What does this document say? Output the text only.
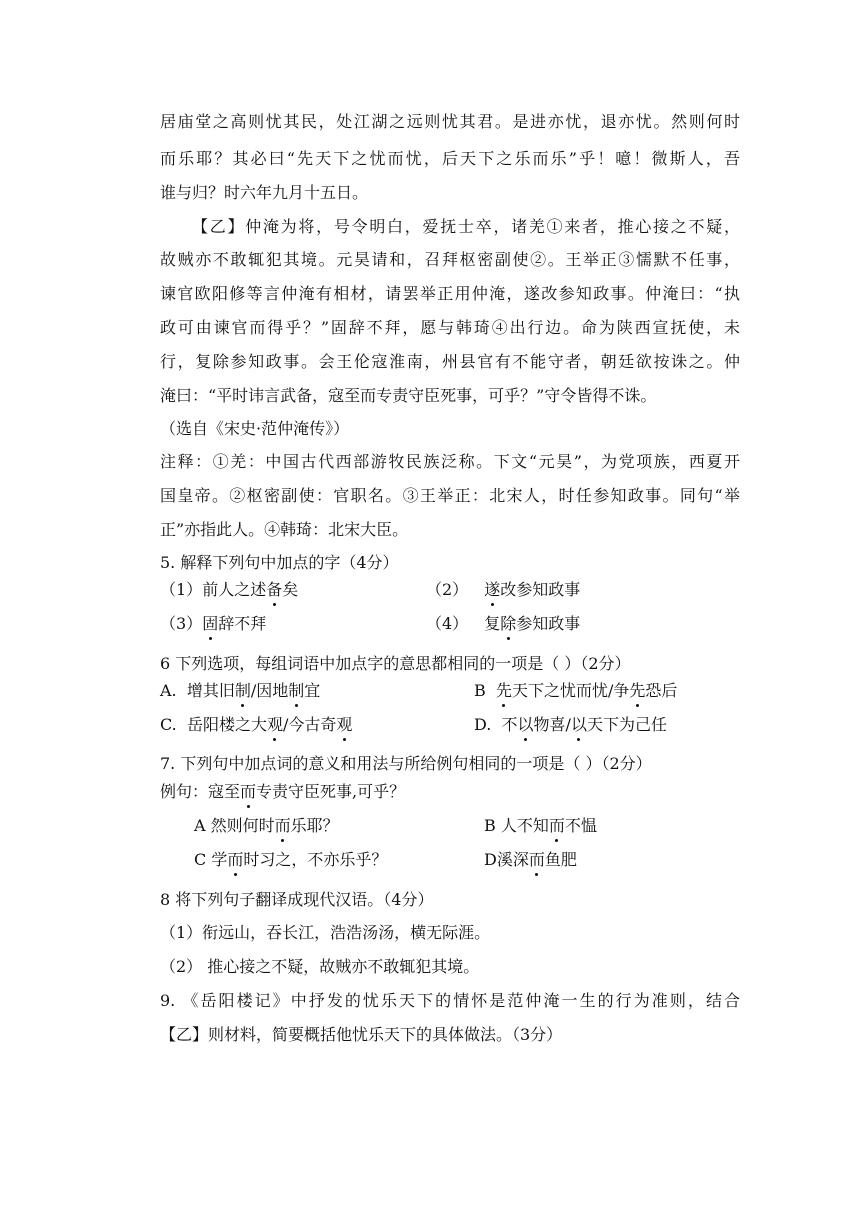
居庙堂之高则忧其民，处江湖之远则忧其君。是进亦忧，退亦忧。然则何时
而乐耶？其必曰“先天下之忧而忧，后天下之乐而乐”乎！噫！微斯人，吾
谁与归？时六年九月十五日。
【乙】仲淹为将，号令明白，爱抚士卒，诸羌①来者，推心接之不疑，
故贼亦不敢辄犯其境。元昊请和，召拜枢密副使②。王举正③懦默不任事，
谏官欧阳修等言仲淹有相材，请罢举正用仲淹，遂改参知政事。仲淹曰：“执
政可由谏官而得乎？”固辞不拜，愿与韩琦④出行边。命为陕西宣抚使，未
行，复除参知政事。会王伦寇淮南，州县官有不能守者，朝廷欲按诛之。仲
淹曰：“平时讳言武备，寇至而专责守臣死事，可乎？”守令皆得不诛。
（选自《宋史·范仲淹传》）
注释：①羌：中国古代西部游牧民族泛称。下文“元昊”，为党项族，西夏开
国皇帝。②枢密副使：官职名。③王举正：北宋人，时任参知政事。同句“举
正”亦指此人。④韩琦：北宋大臣。
5. 解释下列句中加点的字（4分）
（1）前人之述备矣	（2） 遂改参知政事
（3）固辞不拜	（4） 复除参知政事
6 下列选项，每组词语中加点字的意思都相同的一项是（ ）（2分）
A. 增其旧制/因地制宜	B 先天下之忧而忧/争先恐后
C. 岳阳楼之大观/今古奇观	D. 不以物喜/以天下为己任
7. 下列句中加点词的意义和用法与所给例句相同的一项是（ ）（2分）
例句：寇至而专责守臣死事,可乎？
A 然则何时而乐耶？	B 人不知而不愠
C 学而时习之，不亦乐乎？	D溪深而鱼肥
8 将下列句子翻译成现代汉语。（4分）
（1）衔远山，吞长江，浩浩汤汤，横无际涯。
（2） 推心接之不疑，故贼亦不敢辄犯其境。
9. 《岳阳楼记》中抒发的忧乐天下的情怀是范仲淹一生的行为准则，结合
【乙】则材料，简要概括他忧乐天下的具体做法。（3分）
